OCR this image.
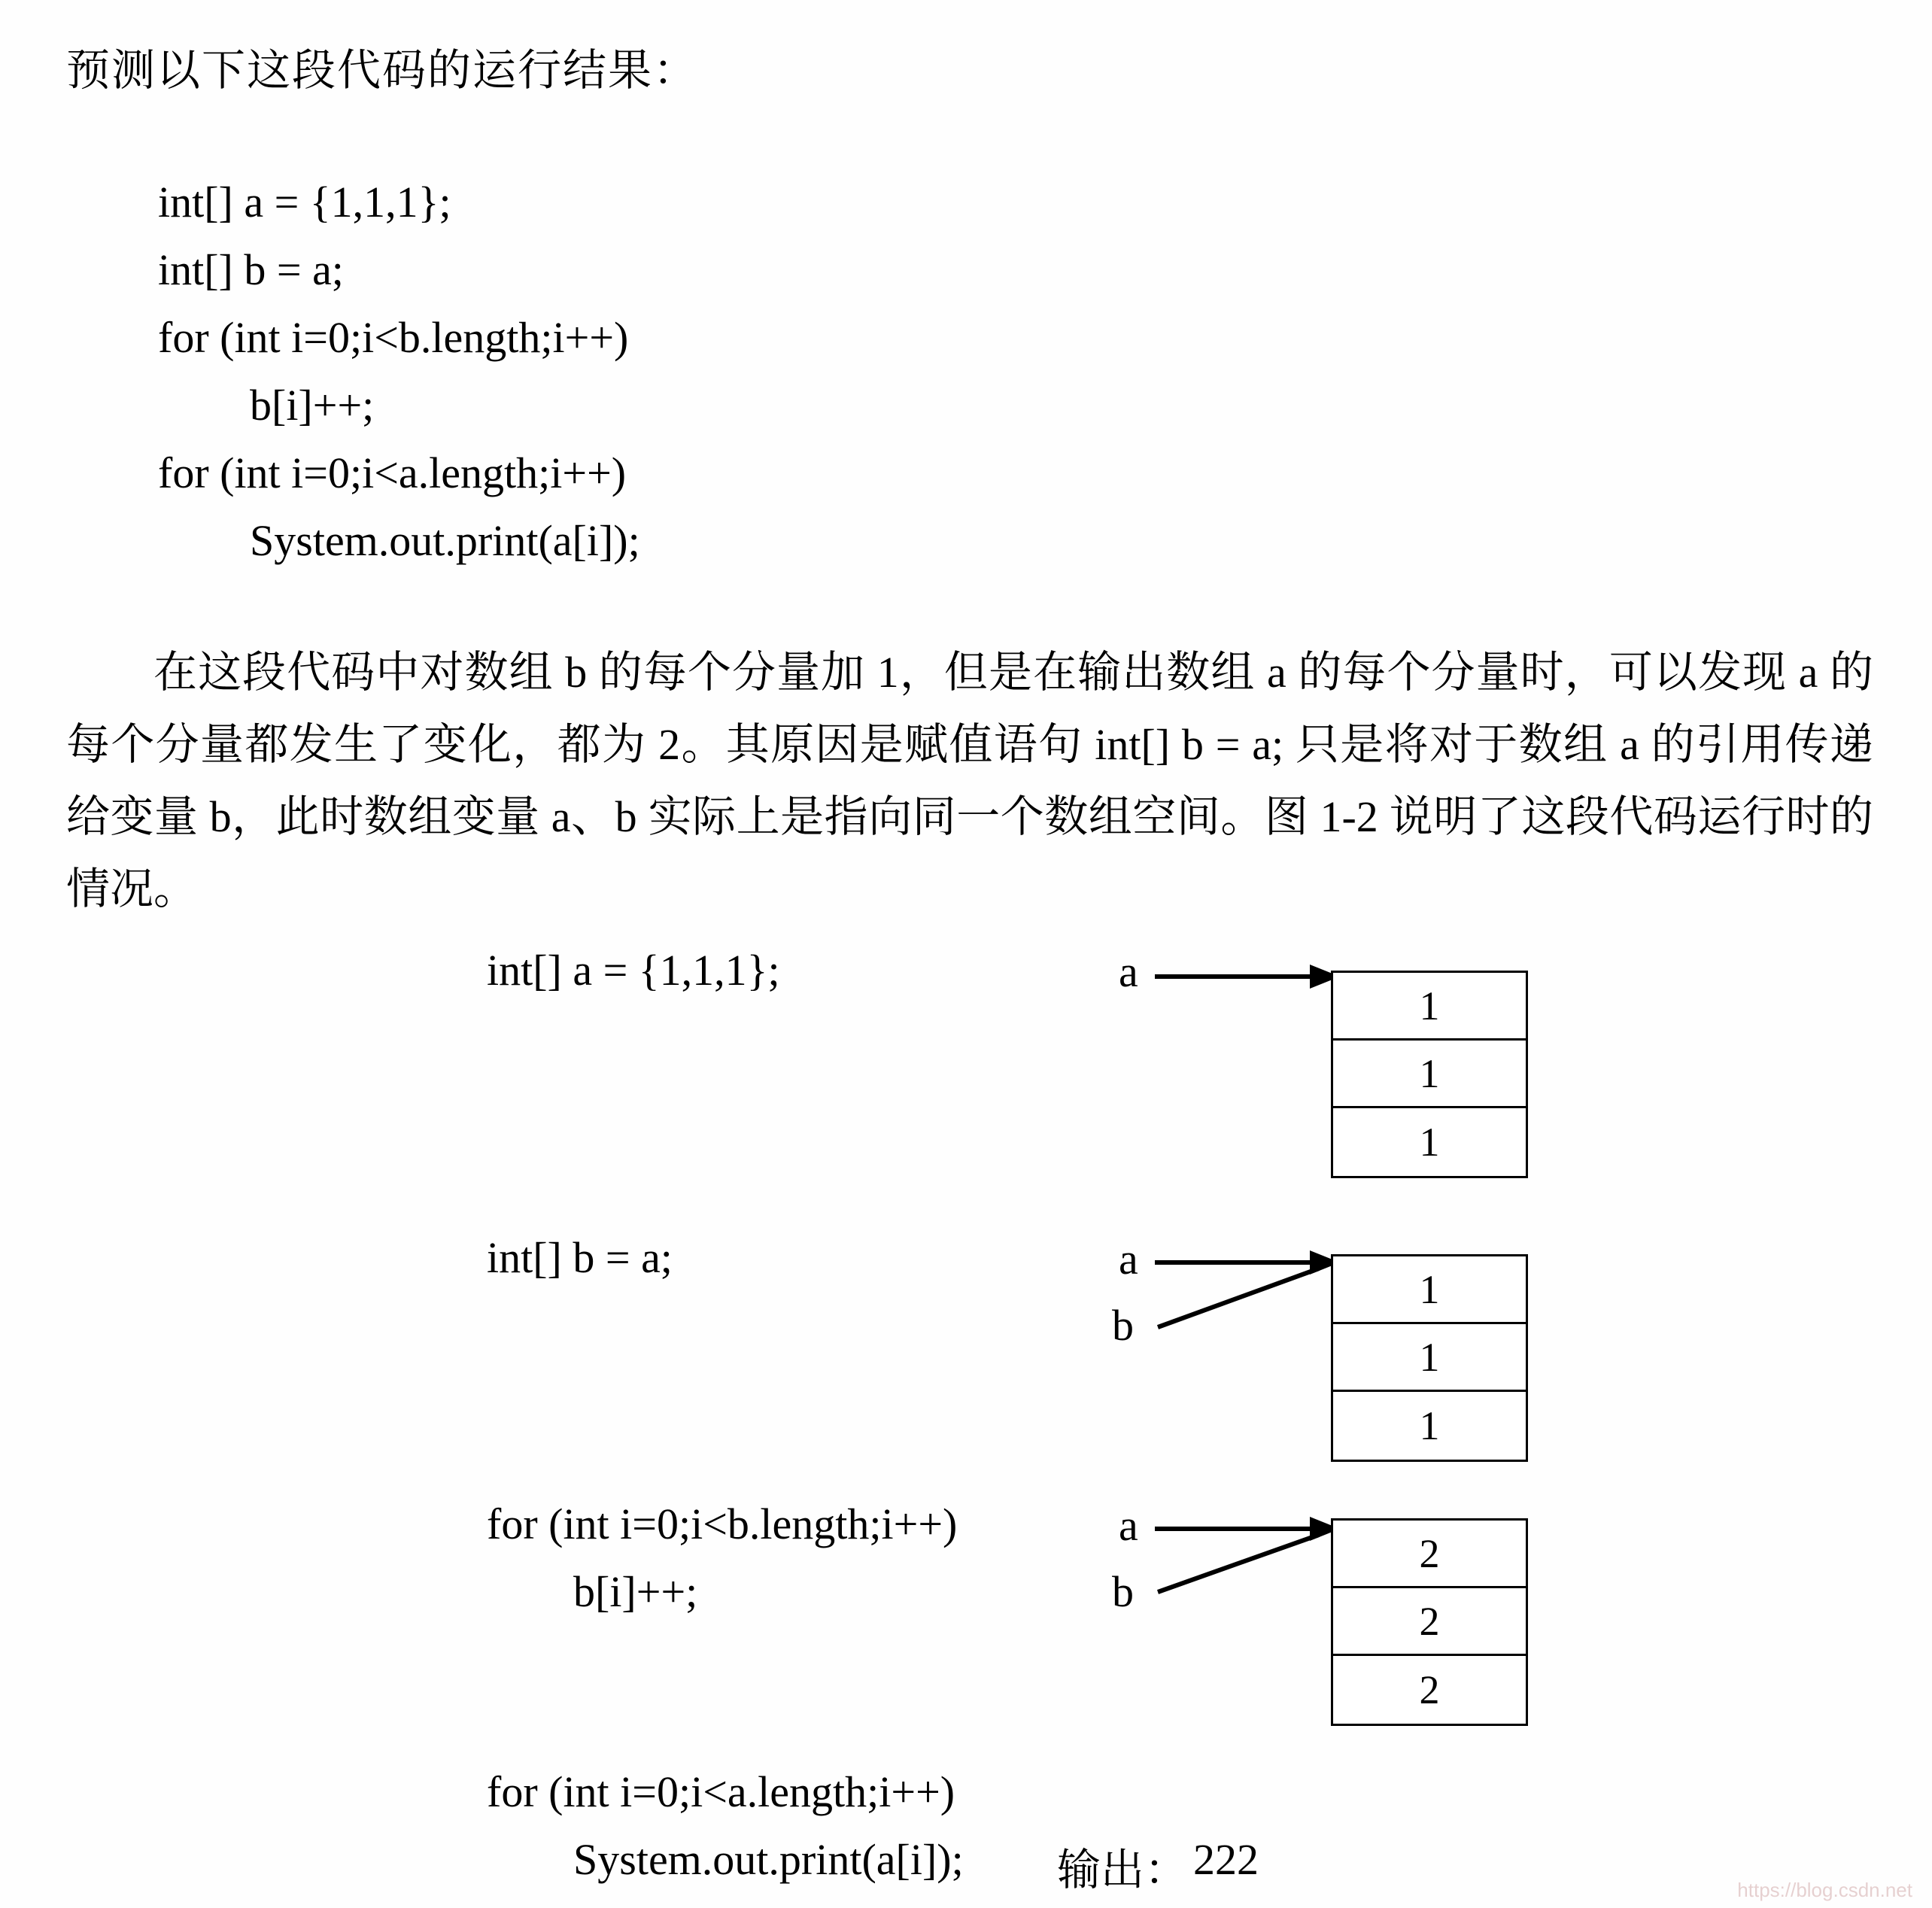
预测以下这段代码的运行结果：
int[] a = {1,1,1};
int[] b = a;
for (int i=0;i<b.length;i++)
b[i]++;
for (int i=0;i<a.length;i++)
System.out.print(a[i]);

在这段代码中对数组 b 的每个分量加 1，但是在输出数组 a 的每个分量时，可以发现 a 的每个分量都发生了变化，都为 2。其原因是赋值语句 int[] b = a; 只是将对于数组 a 的引用传递给变量 b，此时数组变量 a、b 实际上是指向同一个数组空间。图 1-2 说明了这段代码运行时的情况。

int[] a = {1,1,1};	a
1
1
1
int[] b = a;	a
b
1
1
1
for (int i=0;i<b.length;i++)
b[i]++;
a
b
2
2
2
for (int i=0;i<a.length;i++)
System.out.print(a[i]); 输出： 222
https://blog.csdn.net
